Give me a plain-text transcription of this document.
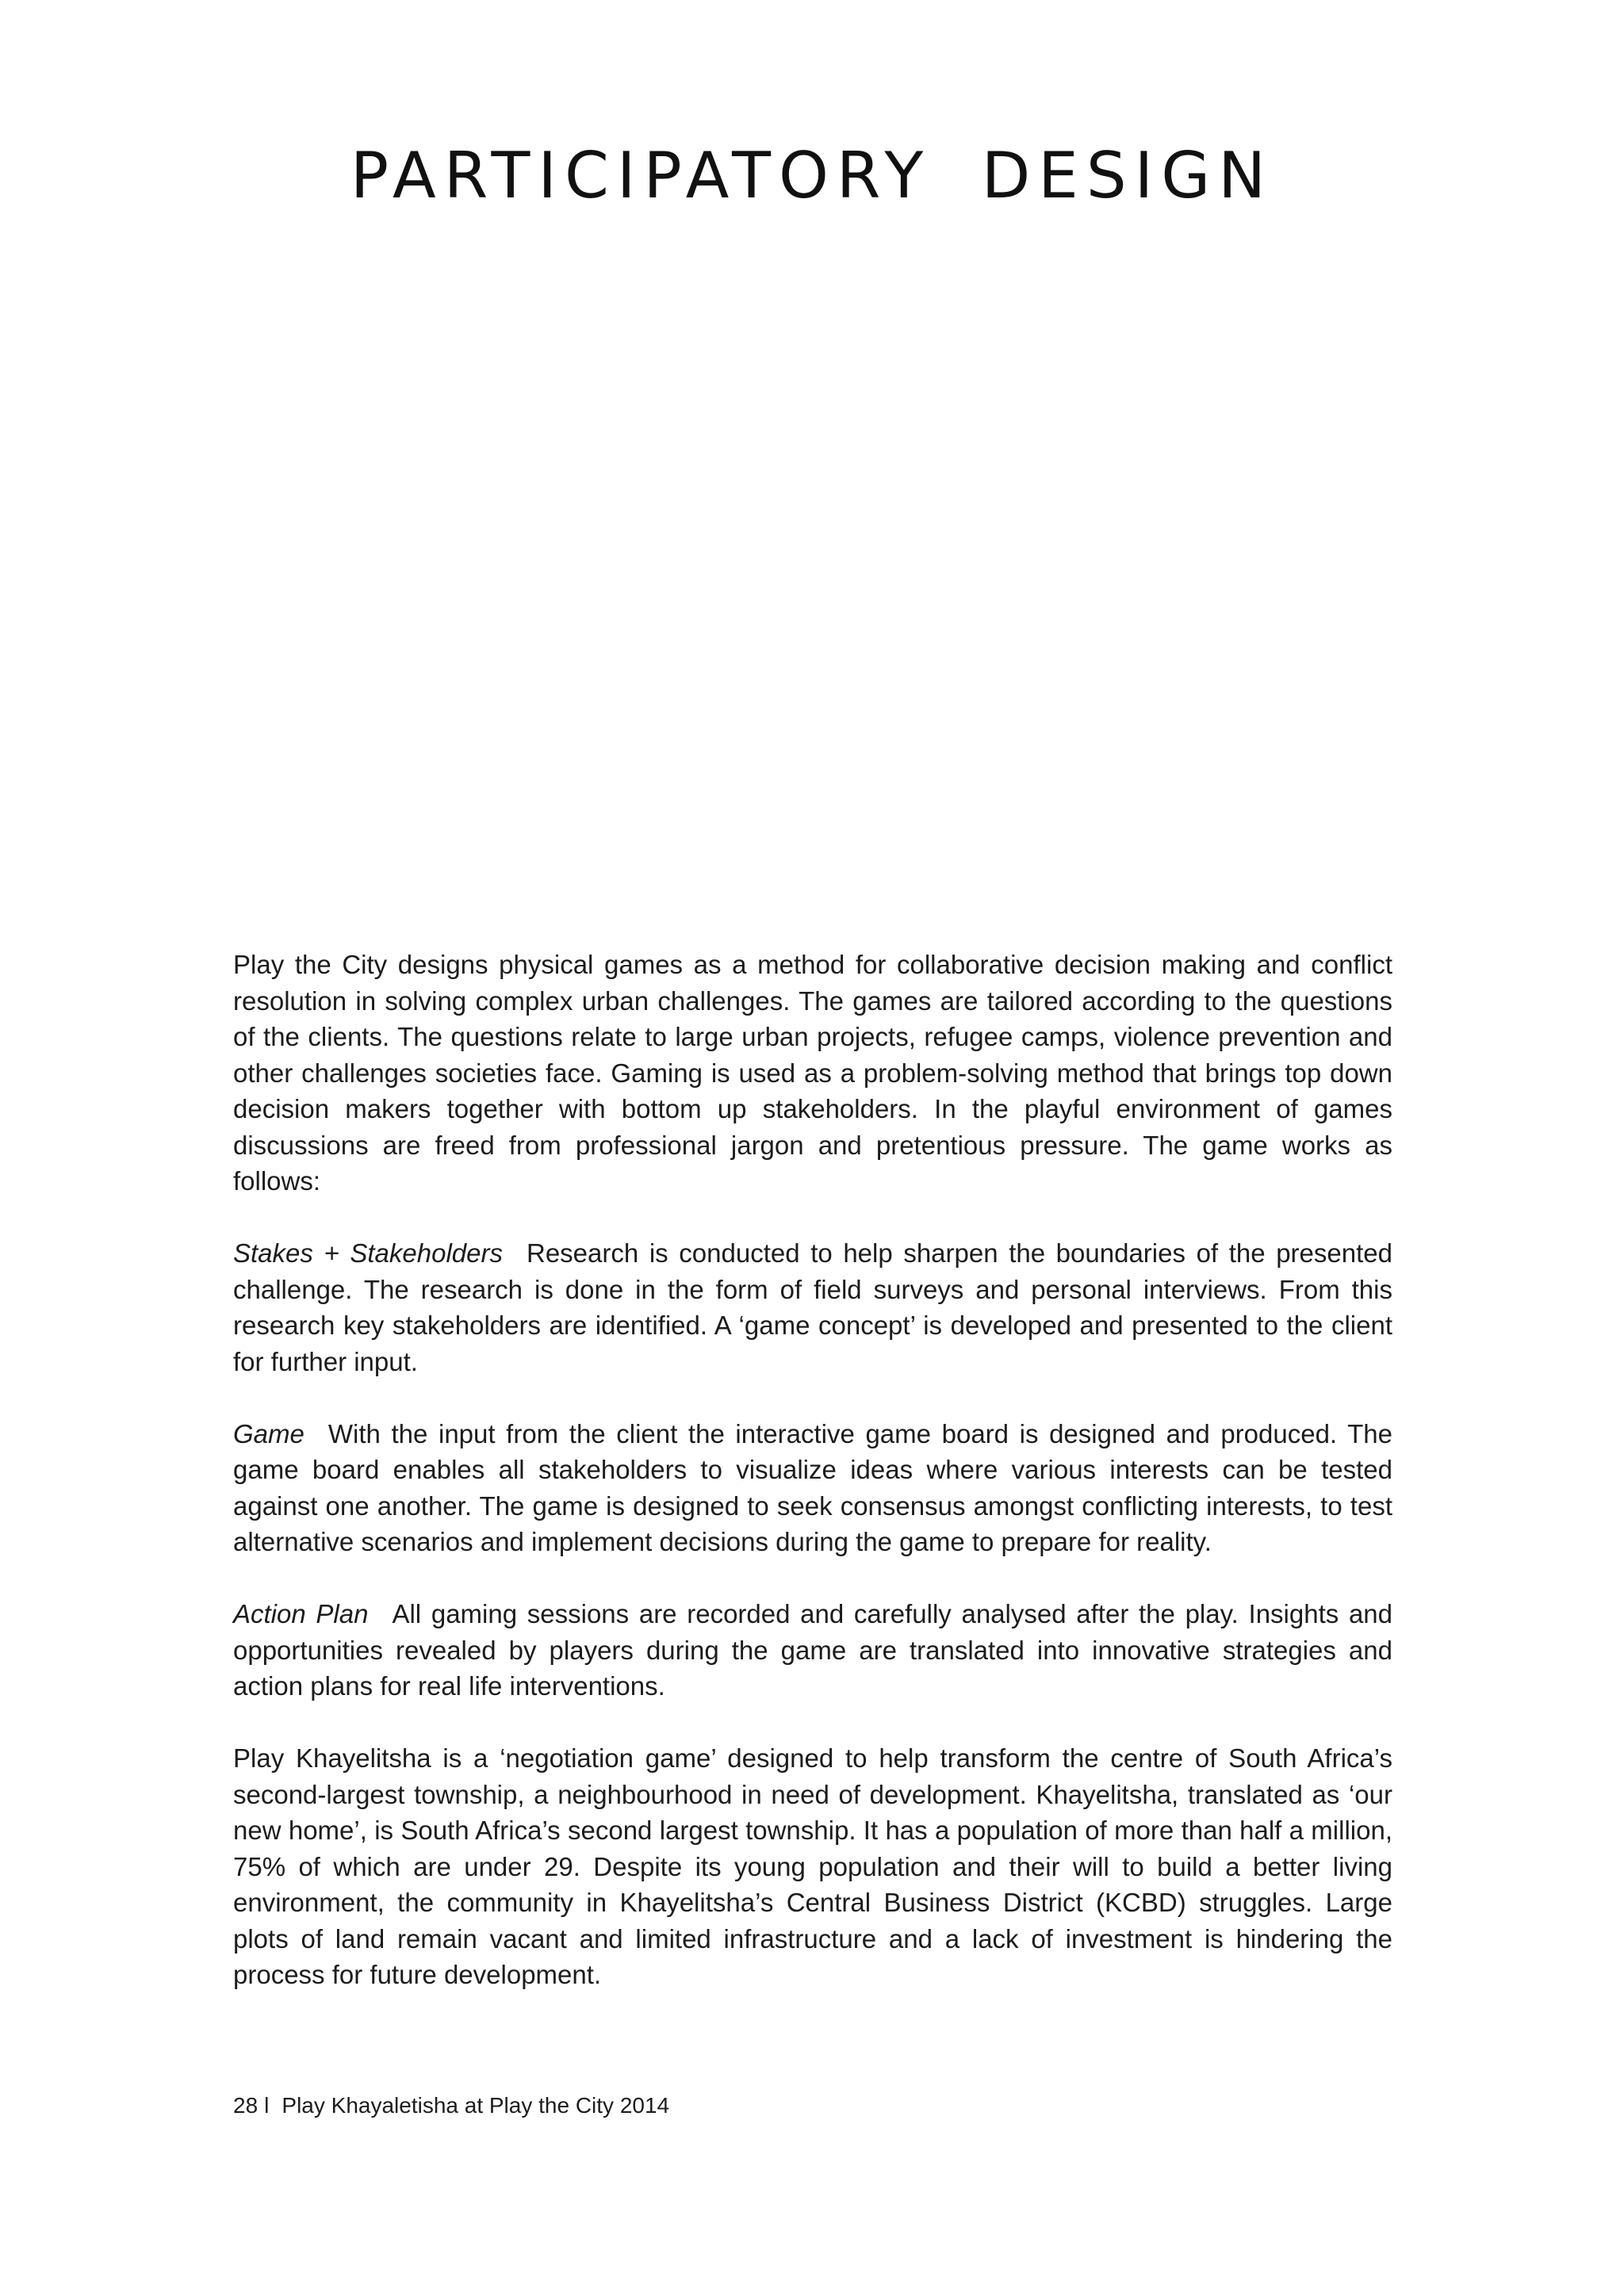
PARTICIPATORY DESIGN

Play the City designs physical games as a method for collaborative decision making and conflict resolution in solving complex urban challenges. The games are tailored according to the questions of the clients. The questions relate to large urban projects, refugee camps, violence prevention and other challenges societies face. Gaming is used as a problem-solving method that brings top down decision makers together with bottom up stakeholders. In the playful environment of games discussions are freed from professional jargon and pretentious pressure. The game works as follows:

Stakes + Stakeholders Research is conducted to help sharpen the boundaries of the presented challenge. The research is done in the form of field surveys and personal interviews. From this research key stakeholders are identified. A ‘game concept’ is developed and presented to the client for further input.

Game With the input from the client the interactive game board is designed and produced. The game board enables all stakeholders to visualize ideas where various interests can be tested against one another. The game is designed to seek consensus amongst conflicting interests, to test alternative scenarios and implement decisions during the game to prepare for reality.

Action Plan All gaming sessions are recorded and carefully analysed after the play. Insights and opportunities revealed by players during the game are translated into innovative strategies and action plans for real life interventions.

Play Khayelitsha is a ‘negotiation game’ designed to help transform the centre of South Africa’s second-largest township, a neighbourhood in need of development. Khayelitsha, translated as ‘our new home’, is South Africa’s second largest township. It has a population of more than half a million, 75% of which are under 29. Despite its young population and their will to build a better living environment, the community in Khayelitsha’s Central Business District (KCBD) struggles. Large plots of land remain vacant and limited infrastructure and a lack of investment is hindering the process for future development.

28 l Play Khayaletisha at Play the City 2014
